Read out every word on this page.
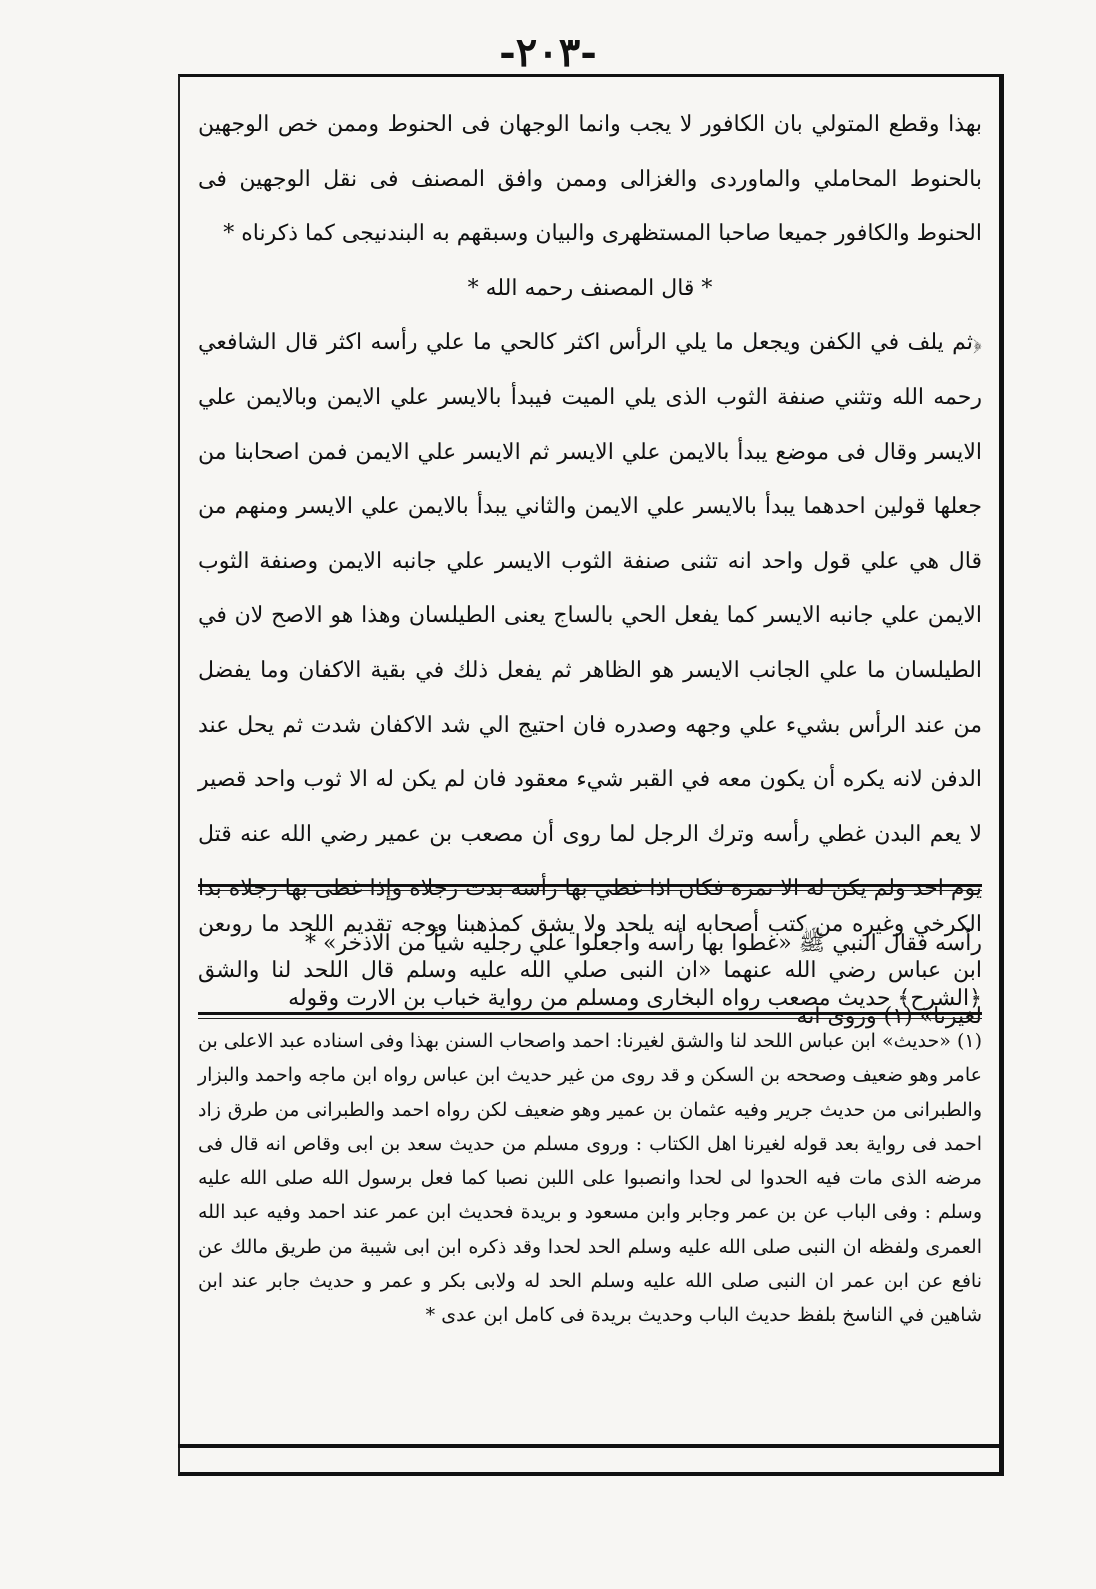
-٢٠٣-

بهذا وقطع المتولي بان الكافور لا يجب وانما الوجهان فى الحنوط وممن خص الوجهين بالحنوط المحاملي والماوردى والغزالى وممن وافق المصنف فى نقل الوجهين فى الحنوط والكافور جميعا صاحبا المستظهرى والبيان وسبقهم به البندنيجى كما ذكرناه *

* قال المصنف رحمه الله *

﴿ثم يلف في الكفن ويجعل ما يلي الرأس اكثر كالحي ما علي رأسه اكثر قال الشافعي رحمه الله وتثني صنفة الثوب الذى يلي الميت فيبدأ بالايسر علي الايمن وبالايمن علي الايسر وقال فى موضع يبدأ بالايمن علي الايسر ثم الايسر علي الايمن فمن اصحابنا من جعلها قولين احدهما يبدأ بالايسر علي الايمن والثاني يبدأ بالايمن علي الايسر ومنهم من قال هي علي قول واحد انه تثنى صنفة الثوب الايسر علي جانبه الايمن وصنفة الثوب الايمن علي جانبه الايسر كما يفعل الحي بالساج يعنى الطيلسان وهذا هو الاصح لان في الطيلسان ما علي الجانب الايسر هو الظاهر ثم يفعل ذلك في بقية الاكفان وما يفضل من عند الرأس بشيء علي وجهه وصدره فان احتيج الي شد الاكفان شدت ثم يحل عند الدفن لانه يكره أن يكون معه في القبر شيء معقود فان لم يكن له الا ثوب واحد قصير لا يعم البدن غطي رأسه وترك الرجل لما روى أن مصعب بن عمير رضي الله عنه قتل يوم احد ولم يكن له الا نمرة فكان اذا غطي بها رأسه بدت رجلاه وإذا غطى بها رجلاه بدا رأسه فقال النبي ﷺ «غطوا بها رأسه واجعلوا علي رجليه شيأ من الاذخر» *

﴿الشرح﴾ حديث مصعب رواه البخارى ومسلم من رواية خباب بن الارت وقوله

الكرخي وغيره من كتب أصحابه انه يلحد ولا يشق كمذهبنا ووجه تقديم اللحد ما روىعن ابن عباس رضي الله عنهما «ان النبى صلي الله عليه وسلم قال اللحد لنا والشق لغيرنا» (١) وروى انه

(١) «حديث» ابن عباس اللحد لنا والشق لغيرنا: احمد واصحاب السنن بهذا وفى اسناده عبد الاعلى بن عامر وهو ضعيف وصححه بن السكن و قد روى من غير حديث ابن عباس رواه ابن ماجه واحمد والبزار والطبرانى من حديث جرير وفيه عثمان بن عمير وهو ضعيف لكن رواه احمد والطبرانى من طرق زاد احمد فى رواية بعد قوله لغيرنا اهل الكتاب : وروى مسلم من حديث سعد بن ابى وقاص انه قال فى مرضه الذى مات فيه الحدوا لى لحدا وانصبوا على اللبن نصبا كما فعل برسول الله صلى الله عليه وسلم : وفى الباب عن بن عمر وجابر وابن مسعود و بريدة فحديث ابن عمر عند احمد وفيه عبد الله العمرى ولفظه ان النبى صلى الله عليه وسلم الحد لحدا وقد ذكره ابن ابى شيبة من طريق مالك عن نافع عن ابن عمر ان النبى صلى الله عليه وسلم الحد له ولابى بكر و عمر و حديث جابر عند ابن شاهين في الناسخ بلفظ حديث الباب وحديث بريدة فى كامل ابن عدى *
